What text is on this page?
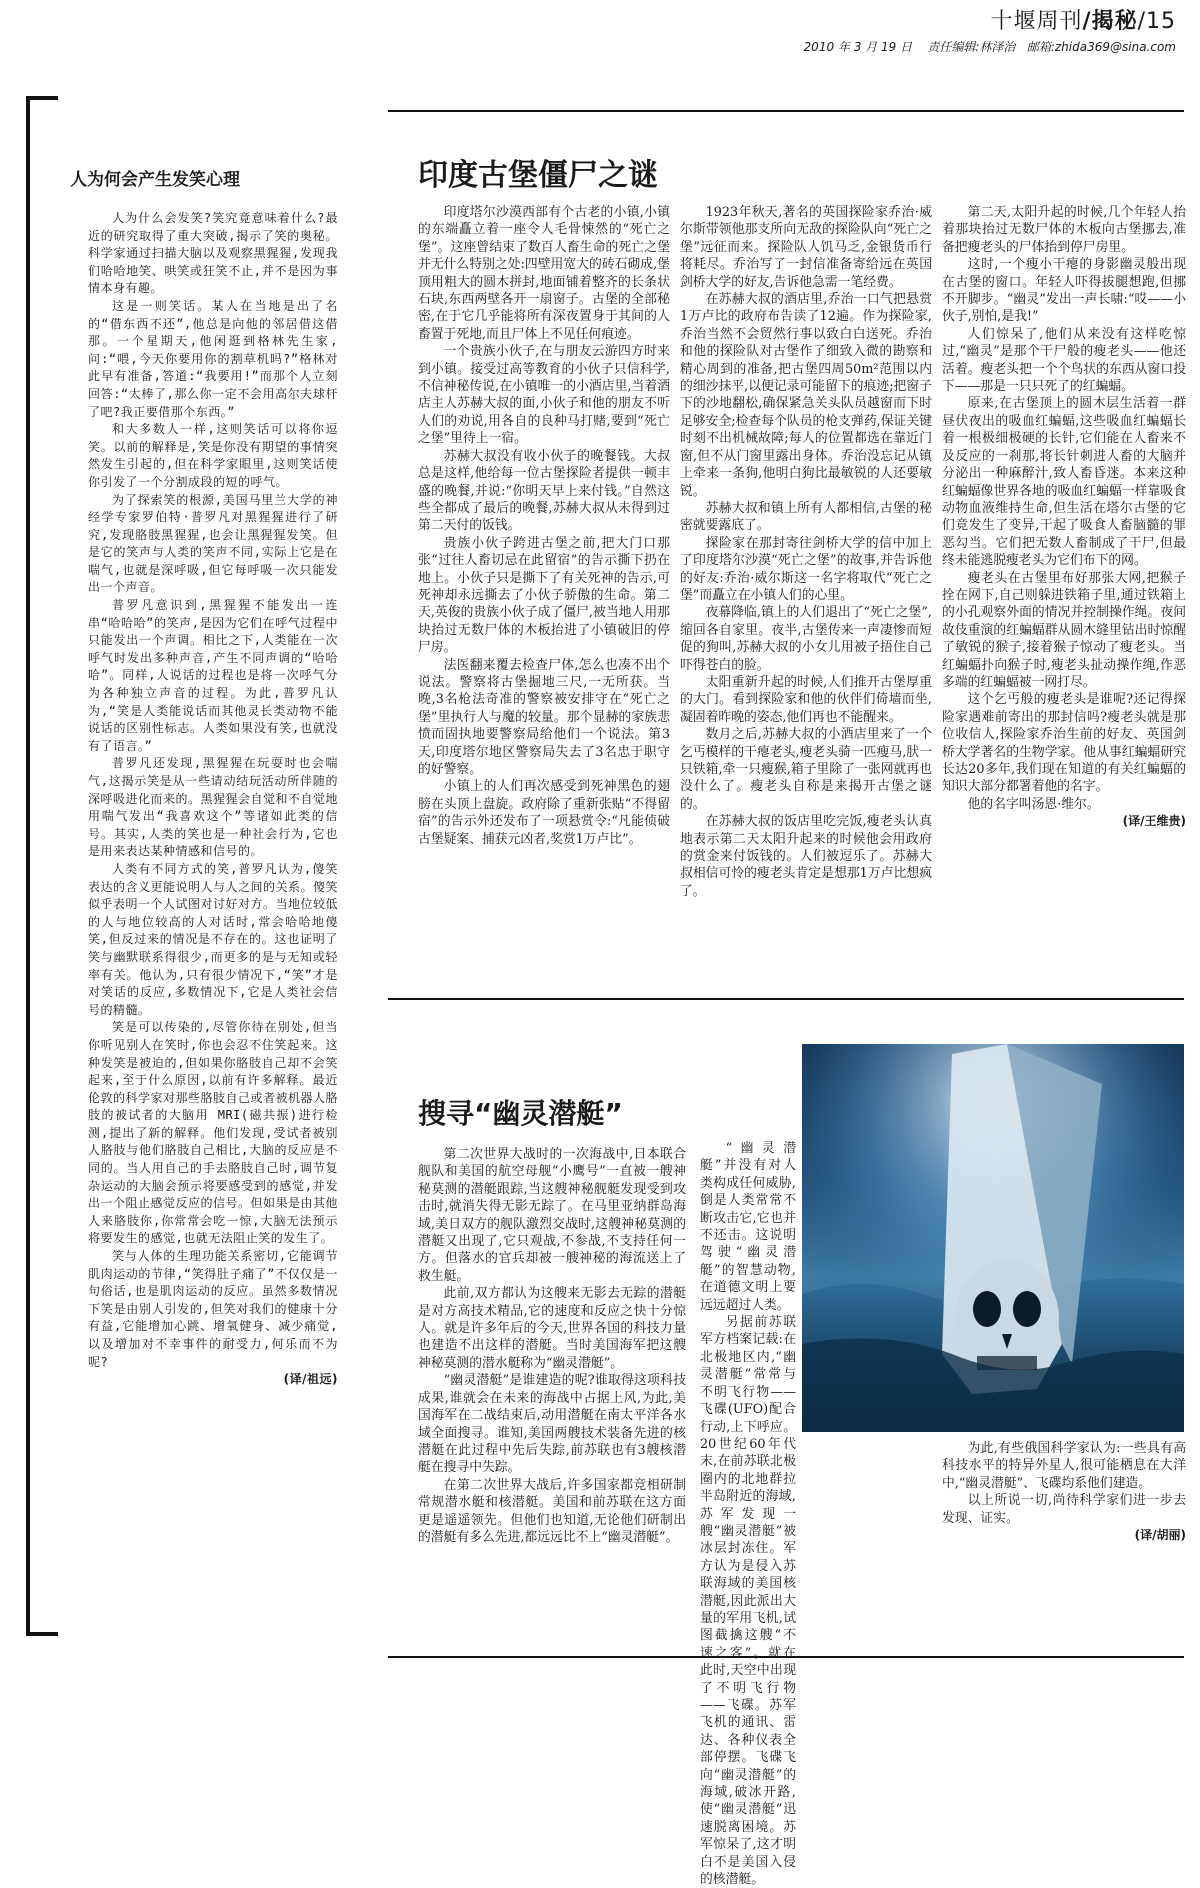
十堰周刊/揭秘/15
2010 年 3 月 19 日 责任编辑:林泽治 邮箱:zhida369@sina.com
人为何会产生发笑心理

人为什么会发笑?笑究竟意味着什么?最近的研究取得了重大突破,揭示了笑的奥秘。科学家通过扫描大脑以及观察黑猩猩,发现我们哈哈地笑、哄笑或狂笑不止,并不是因为事情本身有趣。

这是一则笑话。某人在当地是出了名的“借东西不还”,他总是向他的邻居借这借那。一个星期天,他闲逛到格林先生家,问:“喂,今天你要用你的割草机吗?”格林对此早有准备,答道:“我要用!”而那个人立刻回答:“太棒了,那么你一定不会用高尔夫球杆了吧?我正要借那个东西。”

和大多数人一样,这则笑话可以将你逗笑。以前的解释是,笑是你没有期望的事情突然发生引起的,但在科学家眼里,这则笑话使你引发了一个分割成段的短的呼气。

为了探索笑的根源,美国马里兰大学的神经学专家罗伯特·普罗凡对黑猩猩进行了研究,发现胳肢黑猩猩,也会让黑猩猩发笑。但是它的笑声与人类的笑声不同,实际上它是在喘气,也就是深呼吸,但它每呼吸一次只能发出一个声音。

普罗凡意识到,黑猩猩不能发出一连串“哈哈哈”的笑声,是因为它们在呼气过程中只能发出一个声调。相比之下,人类能在一次呼气时发出多种声音,产生不同声调的“哈哈哈”。同样,人说话的过程也是将一次呼气分为各种独立声音的过程。为此,普罗凡认为,“笑是人类能说话而其他灵长类动物不能说话的区别性标志。人类如果没有笑,也就没有了语言。”

普罗凡还发现,黑猩猩在玩耍时也会喘气,这揭示笑是从一些请动结玩活动所伴随的深呼吸进化而来的。黑猩猩会自觉和不自觉地用喘气发出“我喜欢这个”等诸如此类的信号。其实,人类的笑也是一种社会行为,它也是用来表达某种情感和信号的。

人类有不同方式的笑,普罗凡认为,傻笑表达的含义更能说明人与人之间的关系。傻笑似乎表明一个人试图对讨好对方。当地位较低的人与地位较高的人对话时,常会哈哈地傻笑,但反过来的情况是不存在的。这也证明了笑与幽默联系得很少,而更多的是与无知或轻率有关。他认为,只有很少情况下,“笑”才是对笑话的反应,多数情况下,它是人类社会信号的精髓。

笑是可以传染的,尽管你待在别处,但当你听见别人在笑时,你也会忍不住笑起来。这种发笑是被迫的,但如果你胳肢自己却不会笑起来,至于什么原因,以前有许多解释。最近伦敦的科学家对那些胳肢自己或者被机器人胳肢的被试者的大脑用 MRI(磁共振)进行检测,提出了新的解释。他们发现,受试者被别人胳肢与他们胳肢自己相比,大脑的反应是不同的。当人用自己的手去胳肢自己时,调节复杂运动的大脑会预示将要感受到的感觉,并发出一个阻止感觉反应的信号。但如果是由其他人来胳肢你,你常常会吃一惊,大脑无法预示将要发生的感觉,也就无法阻止笑的发生了。

笑与人体的生理功能关系密切,它能调节肌肉运动的节律,“笑得肚子痛了”不仅仅是一句俗话,也是肌肉运动的反应。虽然多数情况下笑是由别人引发的,但笑对我们的健康十分有益,它能增加心跳、增氧健身、减少痛觉,以及增加对不幸事件的耐受力,何乐而不为呢?

(译/祖远)

印度古堡僵尸之谜

印度塔尔沙漠西部有个古老的小镇,小镇的东端矗立着一座令人毛骨悚然的“死亡之堡”。这座曾结束了数百人畜生命的死亡之堡并无什么特别之处:四壁用宽大的砖石砌成,堡顶用粗大的圆木拼封,地面铺着整齐的长条状石块,东西两壁各开一扇窗子。古堡的全部秘密,在于它几乎能将所有深夜置身于其间的人畜置于死地,而且尸体上不见任何痕迹。

一个贵族小伙子,在与朋友云游四方时来到小镇。接受过高等教育的小伙子只信科学,不信神秘传说,在小镇唯一的小酒店里,当着酒店主人苏赫大叔的面,小伙子和他的朋友不听人们的劝说,用各自的良种马打赌,要到“死亡之堡”里待上一宿。

苏赫大叔没有收小伙子的晚餐钱。大叔总是这样,他给每一位古堡探险者提供一顿丰盛的晚餐,并说:“你明天早上来付钱。”自然这些全都成了最后的晚餐,苏赫大叔从未得到过第二天付的饭钱。

贵族小伙子跨进古堡之前,把大门口那张“过往人畜切忌在此留宿”的告示撕下扔在地上。小伙子只是撕下了有关死神的告示,可死神却永远撕去了小伙子骄傲的生命。第二天,英俊的贵族小伙子成了僵尸,被当地人用那块抬过无数尸体的木板抬进了小镇破旧的停尸房。

法医翻来覆去检查尸体,怎么也凑不出个说法。警察将古堡掘地三尺,一无所获。当晚,3名枪法奇准的警察被安排守在“死亡之堡”里执行人与魔的较量。那个显赫的家族悲愤而固执地要警察局给他们一个说法。第3天,印度塔尔地区警察局失去了3名忠于职守的好警察。

小镇上的人们再次感受到死神黑色的翅膀在头顶上盘旋。政府除了重新张贴“不得留宿”的告示外还发布了一项悬赏令:“凡能侦破古堡疑案、捕获元凶者,奖赏1万卢比”。

1923年秋天,著名的英国探险家乔治·威尔斯带领他那支所向无敌的探险队向“死亡之堡”远征而来。探险队人饥马乏,金银货币行将耗尽。乔治写了一封信准备寄给远在英国剑桥大学的好友,告诉他急需一笔经费。

在苏赫大叔的酒店里,乔治一口气把悬赏1万卢比的政府布告读了12遍。作为探险家,乔治当然不会贸然行事以致白白送死。乔治和他的探险队对古堡作了细致入微的勘察和精心周到的准备,把古堡四周50m²范围以内的细沙抹平,以便记录可能留下的痕迹;把窗子下的沙地翻松,确保紧急关头队员越窗而下时足够安全;检查每个队员的枪支弹药,保证关键时刻不出机械故障;每人的位置都选在靠近门窗,但不从门窗里露出身体。乔治没忘记从镇上牵来一条狗,他明白狗比最敏锐的人还要敏锐。

苏赫大叔和镇上所有人都相信,古堡的秘密就要露底了。

探险家在那封寄往剑桥大学的信中加上了印度塔尔沙漠“死亡之堡”的故事,并告诉他的好友:乔治·威尔斯这一名字将取代“死亡之堡”而矗立在小镇人们的心里。

夜幕降临,镇上的人们退出了“死亡之堡”,缩回各自家里。夜半,古堡传来一声凄惨而短促的狗叫,苏赫大叔的小女儿用被子捂住自己吓得苍白的脸。

太阳重新升起的时候,人们推开古堡厚重的大门。看到探险家和他的伙伴们倚墙而坐,凝固着昨晚的姿态,他们再也不能醒来。

数月之后,苏赫大叔的小酒店里来了一个乞丐模样的干瘪老头,瘦老头骑一匹瘦马,肰一只铁箱,牵一只瘦猴,箱子里除了一张网就再也没什么了。瘦老头自称是来揭开古堡之谜的。

在苏赫大叔的饭店里吃完饭,瘦老头认真地表示第二天太阳升起来的时候他会用政府的赏金来付饭钱的。人们被逗乐了。苏赫大叔相信可怜的瘦老头肯定是想那1万卢比想疯了。

第二天,太阳升起的时候,几个年轻人抬着那块抬过无数尸体的木板向古堡挪去,准备把瘦老头的尸体抬到停尸房里。

这时,一个瘦小干瘪的身影幽灵般出现在古堡的窗口。年轻人吓得拔腿想跑,但挪不开脚步。“幽灵”发出一声长啸:“哎——小伙子,别怕,是我!”

人们惊呆了,他们从来没有这样吃惊过,“幽灵”是那个干尸般的瘦老头——他还活着。瘦老头把一个个鸟状的东西从窗口投下——那是一只只死了的红蝙蝠。

原来,在古堡顶上的圆木层生活着一群昼伏夜出的吸血红蝙蝠,这些吸血红蝙蝠长着一根极细极硬的长针,它们能在人畜来不及反应的一刹那,将长针刺进人畜的大脑并分泌出一种麻醉汁,致人畜昏迷。本来这种红蝙蝠像世界各地的吸血红蝙蝠一样靠吸食动物血液维持生命,但生活在塔尔古堡的它们竟发生了变异,干起了吸食人畜脑髓的罪恶勾当。它们把无数人畜制成了干尸,但最终未能逃脱瘦老头为它们布下的网。

瘦老头在古堡里布好那张大网,把猴子拴在网下,自己则躲进铁箱子里,通过铁箱上的小孔观察外面的情况并控制操作绳。夜间故伎重演的红蝙蝠群从圆木缝里钻出时惊醒了敏锐的猴子,接着猴子惊动了瘦老头。当红蝙蝠扑向猴子时,瘦老头扯动操作绳,作恶多端的红蝙蝠被一网打尽。

这个乞丐般的瘦老头是谁呢?还记得探险家遇难前寄出的那封信吗?瘦老头就是那位收信人,探险家乔治生前的好友、英国剑桥大学著名的生物学家。他从事红蝙蝠研究长达20多年,我们现在知道的有关红蝙蝠的知识大部分都署着他的名字。

他的名字叫汤恩·维尔。

(译/王维贵)

搜寻“幽灵潜艇”

第二次世界大战时的一次海战中,日本联合舰队和美国的航空母舰“小鹰号”一直被一艘神秘莫测的潜艇跟踪,当这艘神秘舰艇发现受到攻击时,就消失得无影无踪了。在马里亚纳群岛海域,美日双方的舰队激烈交战时,这艘神秘莫测的潜艇又出现了,它只观战,不参战,不支持任何一方。但落水的官兵却被一艘神秘的海流送上了救生艇。

此前,双方都认为这艘来无影去无踪的潜艇是对方高技术精品,它的速度和反应之快十分惊人。就是许多年后的今天,世界各国的科技力量也建造不出这样的潜艇。当时美国海军把这艘神秘莫测的潜水艇称为“幽灵潜艇”。

“幽灵潜艇”是谁建造的呢?谁取得这项科技成果,谁就会在未来的海战中占据上风,为此,美国海军在二战结束后,动用潜艇在南太平洋各水域全面搜寻。谁知,美国两艘技术装备先进的核潜艇在此过程中先后失踪,前苏联也有3艘核潜艇在搜寻中失踪。

在第二次世界大战后,许多国家都竞相研制常规潜水艇和核潜艇。美国和前苏联在这方面更是遥遥领先。但他们也知道,无论他们研制出的潜艇有多么先进,都远远比不上“幽灵潜艇”。

“幽灵潜艇”并没有对人类构成任何威胁,倒是人类常常不断攻击它,它也并不还击。这说明驾驶“幽灵潜艇”的智慧动物,在道德文明上要远远超过人类。

另据前苏联军方档案记载:在北极地区内,“幽灵潜艇”常常与不明飞行物——飞碟(UFO)配合行动,上下呼应。20世纪60年代末,在前苏联北极圈内的北地群拉半岛附近的海域,苏军发现一艘“幽灵潜艇”被冰层封冻住。军方认为是侵入苏联海域的美国核潜艇,因此派出大量的军用飞机,试图截擒这艘“不速之客”。就在此时,天空中出现了不明飞行物——飞碟。苏军飞机的通讯、雷达、各种仪表全部停摆。飞碟飞向“幽灵潜艇”的海域,破冰开路,使“幽灵潜艇”迅速脱离困境。苏军惊呆了,这才明白不是美国入侵的核潜艇。

为此,有些俄国科学家认为:一些具有高科技水平的特异外星人,很可能栖息在大洋中,“幽灵潜艇”、飞碟均系他们建造。

以上所说一切,尚待科学家们进一步去发现、证实。

(译/胡丽)
